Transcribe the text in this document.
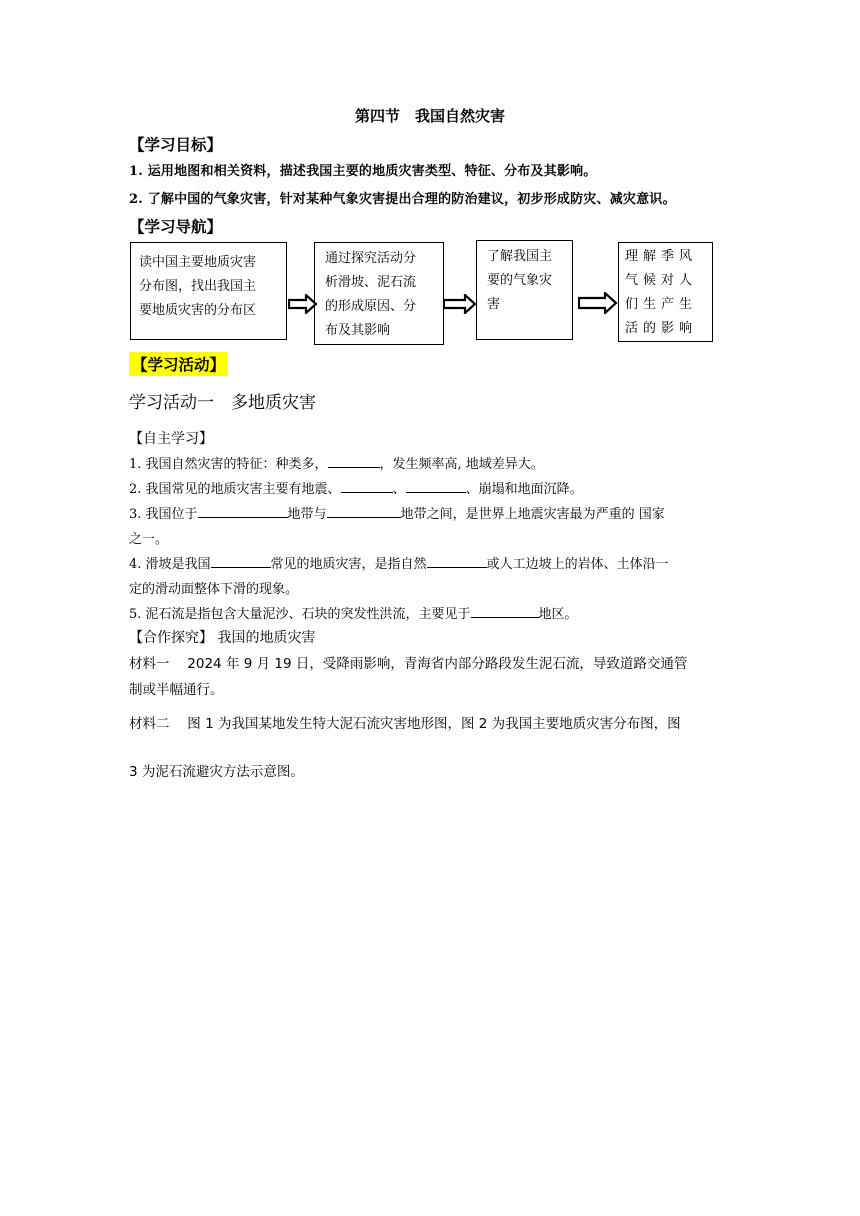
第四节　我国自然灾害
【学习目标】
1. 运用地图和相关资料，描述我国主要的地质灾害类型、特征、分布及其影响。
2. 了解中国的气象灾害，针对某种气象灾害提出合理的防治建议，初步形成防灾、减灾意识。
【学习导航】
读中国主要地质灾害
分布图，找出我国主
要地质灾害的分布区
通过探究活动分
析滑坡、泥石流
的形成原因、分
布及其影响
了解我国主
要的气象灾
害
理解季风
气候对人
们生产生
活的影响
【学习活动】
学习活动一　多地质灾害
【自主学习】
1. 我国自然灾害的特征：种类多，	，发生频率高, 地域差异大。
2. 我国常见的地质灾害主要有地震、	、	、崩塌和地面沉降。
3. 我国位于	地带与	地带之间，是世界上地震灾害最为严重的 国家
之一。
4. 滑坡是我国	常见的地质灾害，是指自然	或人工边坡上的岩体、土体沿一
定的滑动面整体下滑的现象。
5. 泥石流是指包含大量泥沙、石块的突发性洪流，主要见于	地区。
【合作探究】 我国的地质灾害
材料一　 2024 年 9 月 19 日，受降雨影响，青海省内部分路段发生泥石流，导致道路交通管
制或半幅通行。
材料二　 图 1 为我国某地发生特大泥石流灾害地形图，图 2 为我国主要地质灾害分布图，图
3 为泥石流避灾方法示意图。
